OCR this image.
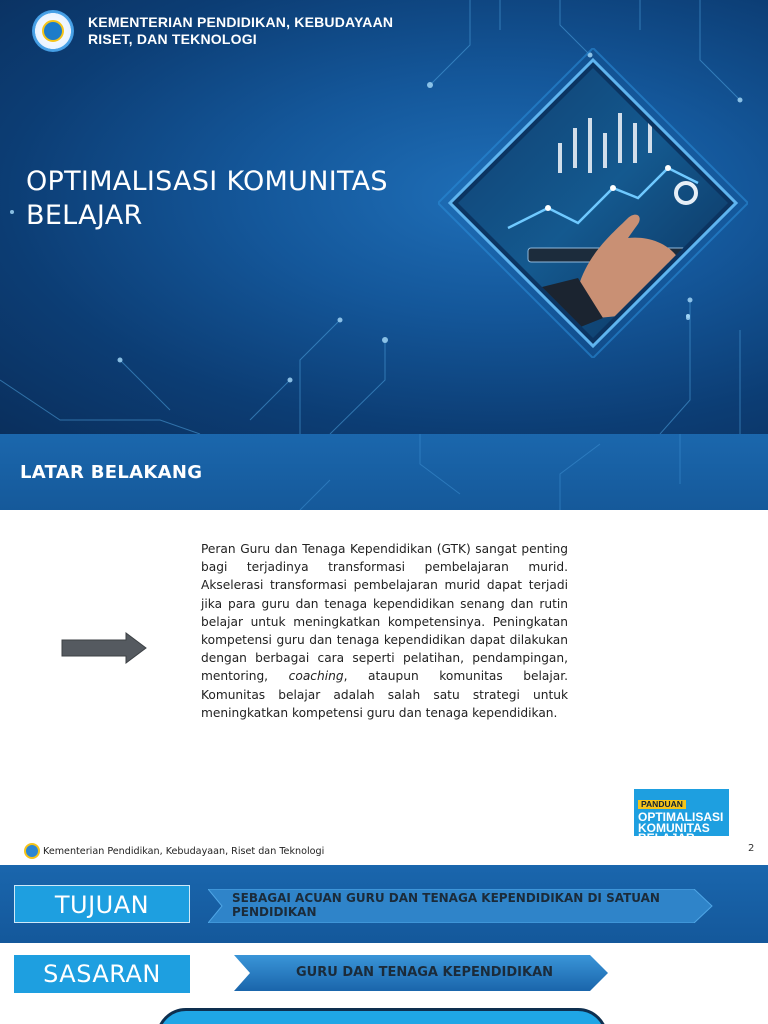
KEMENTERIAN PENDIDIKAN, KEBUDAYAAN
RISET, DAN TEKNOLOGI
OPTIMALISASI KOMUNITAS
BELAJAR
LATAR BELAKANG

Peran Guru dan Tenaga Kependidikan (GTK) sangat penting bagi terjadinya transformasi pembelajaran murid. Akselerasi transformasi pembelajaran murid dapat terjadi jika para guru dan tenaga kependidikan senang dan rutin belajar untuk meningkatkan kompetensinya. Peningkatan kompetensi guru dan tenaga kependidikan dapat dilakukan dengan berbagai cara seperti pelatihan, pendampingan, mentoring, coaching, ataupun komunitas belajar. Komunitas belajar adalah salah satu strategi untuk meningkatkan kompetensi guru dan tenaga kependidikan.

PANDUAN
OPTIMALISASI
KOMUNITAS
BELAJAR
Kementerian Pendidikan, Kebudayaan, Riset dan Teknologi	2
TUJUAN	SEBAGAI ACUAN GURU DAN TENAGA KEPENDIDIKAN DI SATUAN PENDIDIKAN
SASARAN	GURU DAN TENAGA KEPENDIDIKAN
